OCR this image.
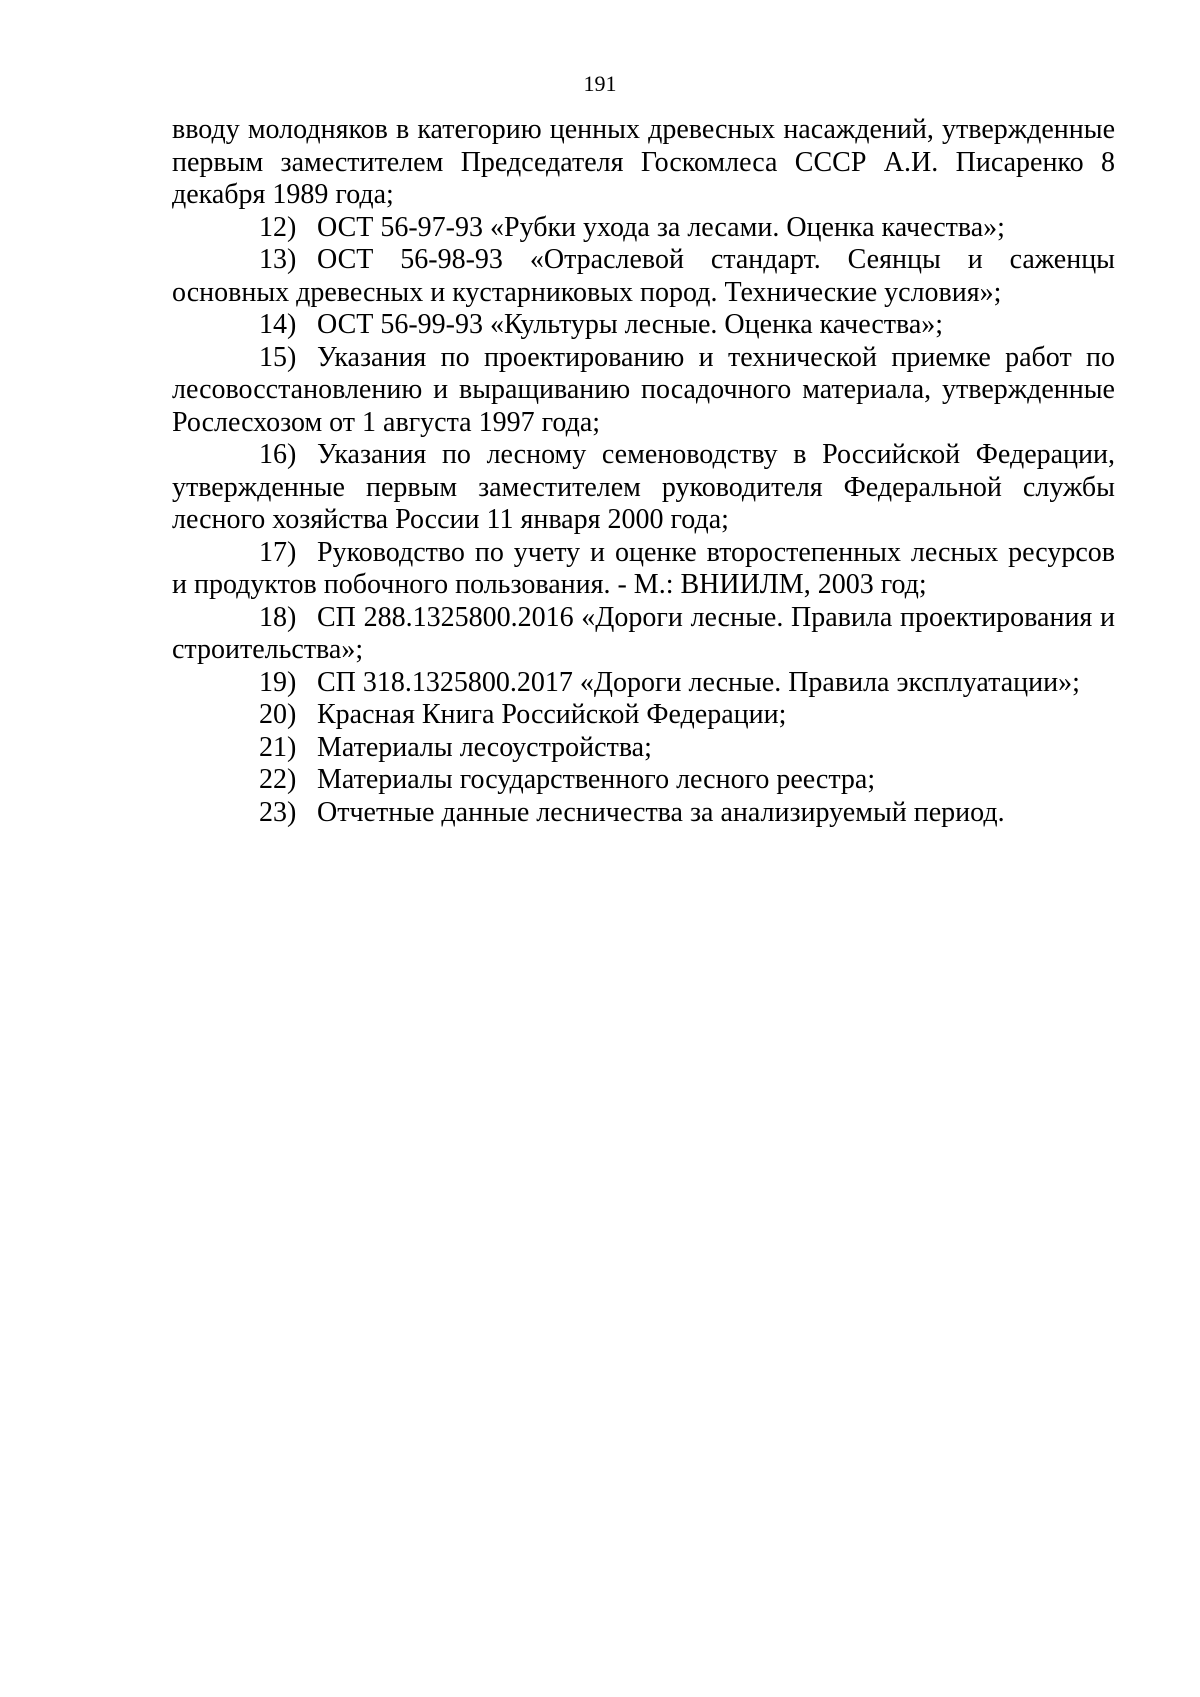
191

вводу молодняков в категорию ценных древесных насаждений, утвержденные первым заместителем Председателя Госкомлеса СССР А.И. Писаренко 8 декабря 1989 года;

12) ОСТ 56-97-93 «Рубки ухода за лесами. Оценка качества»;

13) ОСТ 56-98-93 «Отраслевой стандарт. Сеянцы и саженцы основных древесных и кустарниковых пород. Технические условия»;

14) ОСТ 56-99-93 «Культуры лесные. Оценка качества»;

15) Указания по проектированию и технической приемке работ по лесовосстановлению и выращиванию посадочного материала, утвержденные Рослесхозом от 1 августа 1997 года;

16) Указания по лесному семеноводству в Российской Федерации, утвержденные первым заместителем руководителя Федеральной службы лесного хозяйства России 11 января 2000 года;

17) Руководство по учету и оценке второстепенных лесных ресурсов и продуктов побочного пользования. - М.: ВНИИЛМ, 2003 год;

18) СП 288.1325800.2016 «Дороги лесные. Правила проектирования и строительства»;

19) СП 318.1325800.2017 «Дороги лесные. Правила эксплуатации»;

20) Красная Книга Российской Федерации;

21) Материалы лесоустройства;

22) Материалы государственного лесного реестра;

23) Отчетные данные лесничества за анализируемый период.
